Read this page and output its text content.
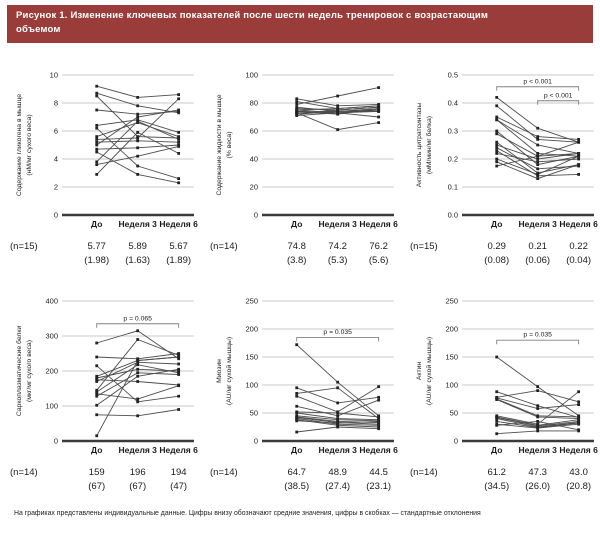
Рисунок 1. Изменение ключевых показателей после шести недель тренировок с возрастающим
объемом
0
2
4
6
8
10
Содержание гликогена в мышце (нМ/мг сухого веса)
До Неделя 3 Неделя 6
(n=15)	5.77 5.89 5.67
(1.98) (1.63) (1.89)
0
20
40
60
80
100
Содержание жидкости в мышце (% веса)
До Неделя 3 Неделя 6
(n=14)	74.8 74.2 76.2
(3.8) (5.3) (5.6)
0.0
0.1
0.2
0.3
0.4
0.5
Активность цитратсинтазы (мМ/мин/мг белка)
p < 0.001
p < 0.001
До Неделя 3 Неделя 6
(n=15)	0.29 0.21 0.22
(0.08) (0.06) (0.04)
0
100
200
300
400
Саркоплазматические белки (мкг/мг сухого веса)
p = 0.065
До Неделя 3 Неделя 6
(n=14)	159	196	194
(67)	(67)	(47)
0
50
100
150
200
250
Миозин (AU/мг сухой мышцы)
p = 0.035
До Неделя 3 Неделя 6
(n=14)	64.7 48.9 44.5
(38.5) (27.4) (23.1)
0
50
100
150
200
250
Актин (AU/мг сухой мышцы)
p = 0.035
До Неделя 3 Неделя 6
(n=14)	61.2 47.3 43.0
(34.5) (26.0) (20.8)
На графиках представлены индивидуальные данные. Цифры внизу обозначают средние значения, цифры в скобках — стандартные отклонения
